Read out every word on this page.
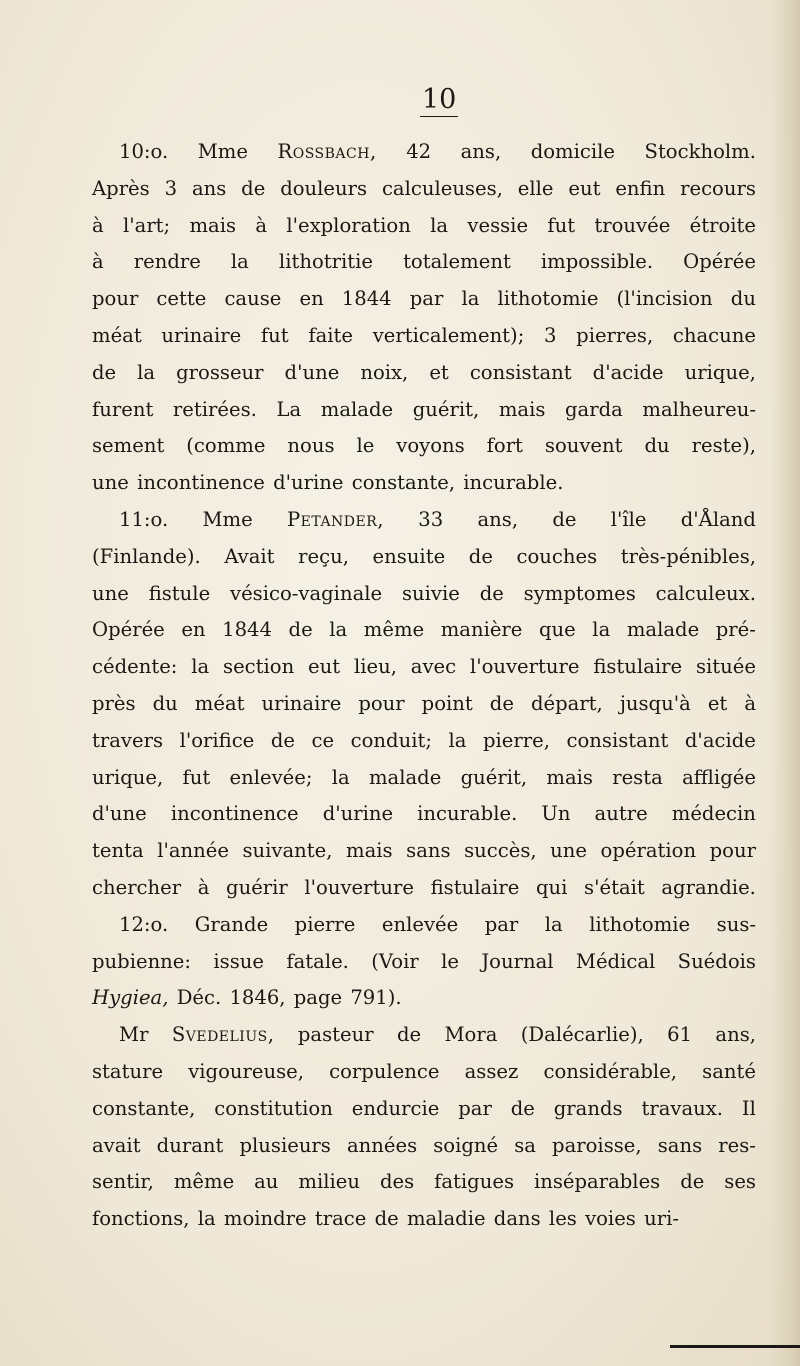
10
10:o. Mme Rossbach, 42 ans, domicile Stockholm.
Après 3 ans de douleurs calculeuses, elle eut enfin recours
à l'art; mais à l'exploration la vessie fut trouvée étroite
à rendre la lithotritie totalement impossible. Opérée
pour cette cause en 1844 par la lithotomie (l'incision du
méat urinaire fut faite verticalement); 3 pierres, chacune
de la grosseur d'une noix, et consistant d'acide urique,
furent retirées. La malade guérit, mais garda malheureu-
sement (comme nous le voyons fort souvent du reste),
une incontinence d'urine constante, incurable.
11:o. Mme Petander, 33 ans, de l'île d'Åland
(Finlande). Avait reçu, ensuite de couches très-pénibles,
une fistule vésico-vaginale suivie de symptomes calculeux.
Opérée en 1844 de la même manière que la malade pré-
cédente: la section eut lieu, avec l'ouverture fistulaire située
près du méat urinaire pour point de départ, jusqu'à et à
travers l'orifice de ce conduit; la pierre, consistant d'acide
urique, fut enlevée; la malade guérit, mais resta affligée
d'une incontinence d'urine incurable. Un autre médecin
tenta l'année suivante, mais sans succès, une opération pour
chercher à guérir l'ouverture fistulaire qui s'était agrandie.
12:o. Grande pierre enlevée par la lithotomie sus-
pubienne: issue fatale. (Voir le Journal Médical Suédois
Hygiea, Déc. 1846, page 791).
Mr Svedelius, pasteur de Mora (Dalécarlie), 61 ans,
stature vigoureuse, corpulence assez considérable, santé
constante, constitution endurcie par de grands travaux. Il
avait durant plusieurs années soigné sa paroisse, sans res-
sentir, même au milieu des fatigues inséparables de ses
fonctions, la moindre trace de maladie dans les voies uri-
